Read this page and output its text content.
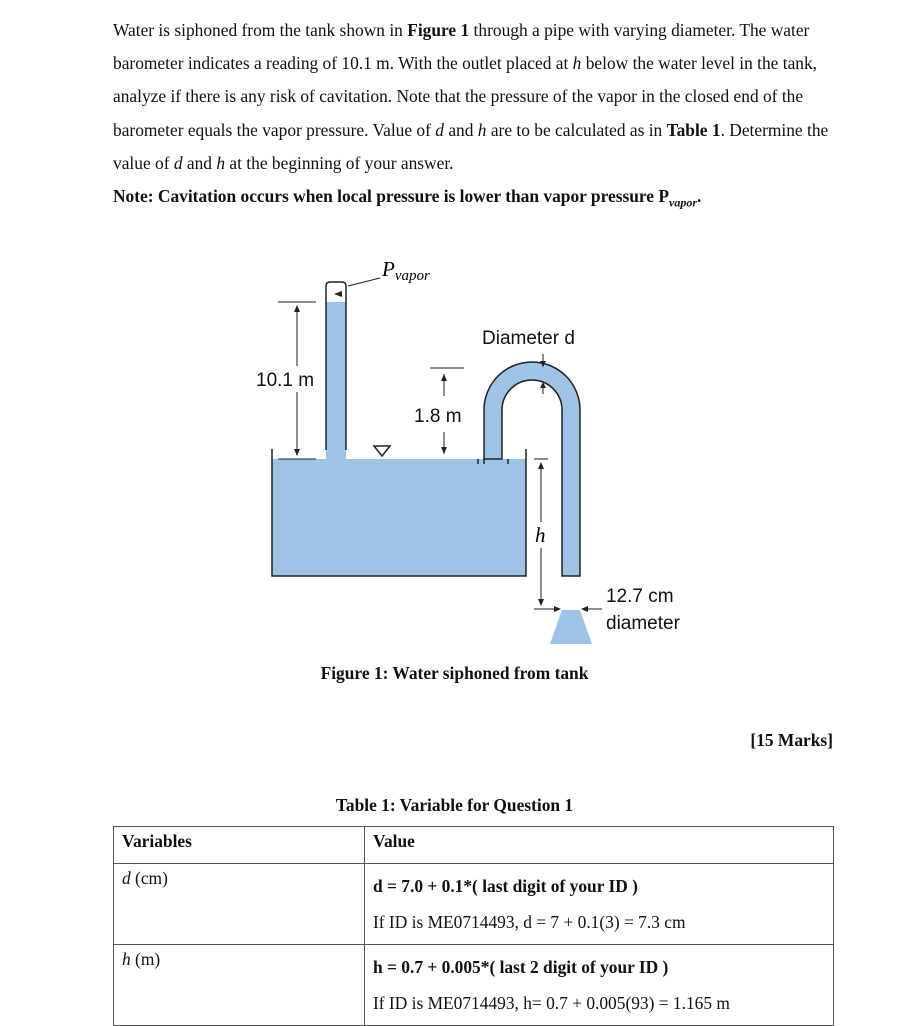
Water is siphoned from the tank shown in Figure 1 through a pipe with varying diameter. The water barometer indicates a reading of 10.1 m. With the outlet placed at h below the water level in the tank, analyze if there is any risk of cavitation. Note that the pressure of the vapor in the closed end of the barometer equals the vapor pressure. Value of d and h are to be calculated as in Table 1. Determine the value of d and h at the beginning of your answer.

Note: Cavitation occurs when local pressure is lower than vapor pressure $P_{vapor}$.

Pvapor
10.1 m
1.8 m
Diameter d
h
12.7 cm
diameter
Figure 1: Water siphoned from tank
[15 Marks]
Table 1: Variable for Question 1
Variables	Value
d (cm)	d = 7.0 + 0.1*( last digit of your ID )
If ID is ME0714493, d = 7 + 0.1(3) = 7.3 cm

h (m)	h = 0.7 + 0.005*( last 2 digit of your ID )
If ID is ME0714493, h= 0.7 + 0.005(93) = 1.165 m
